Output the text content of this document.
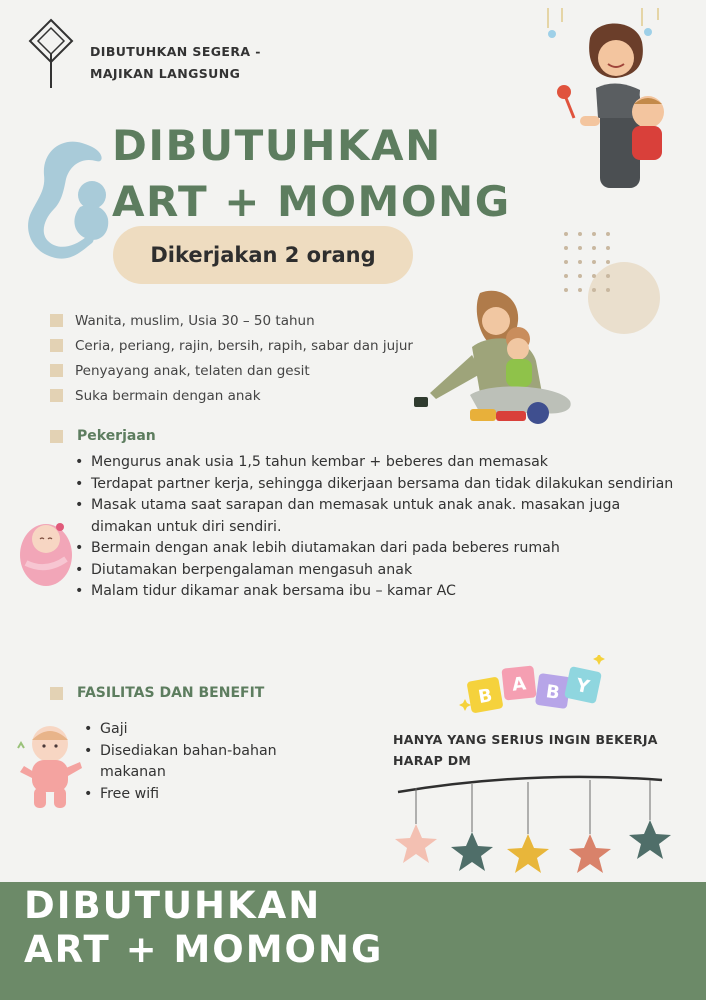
DIBUTUHKAN SEGERA -
MAJIKAN LANGSUNG
DIBUTUHKAN
ART + MOMONG
Dikerjakan 2 orang
Wanita, muslim, Usia 30 – 50 tahun
Ceria, periang, rajin, bersih, rapih, sabar dan jujur
Penyayang anak, telaten dan gesit
Suka bermain dengan anak
Pekerjaan
• Mengurus anak usia 1,5 tahun kembar + beberes dan memasak
• Terdapat partner kerja, sehingga dikerjaan bersama dan tidak dilakukan sendirian
• Masak utama saat sarapan dan memasak untuk anak anak. masakan juga dimakan untuk diri sendiri.
• Bermain dengan anak lebih diutamakan dari pada beberes rumah
• Diutamakan berpengalaman mengasuh anak
• Malam tidur dikamar anak bersama ibu – kamar AC
B
A B Y
FASILITAS DAN BENEFIT
• Gaji
• Disediakan bahan-bahan makanan
• Free wifi
HANYA YANG SERIUS INGIN BEKERJA
HARAP DM
DIBUTUHKAN
ART + MOMONG
